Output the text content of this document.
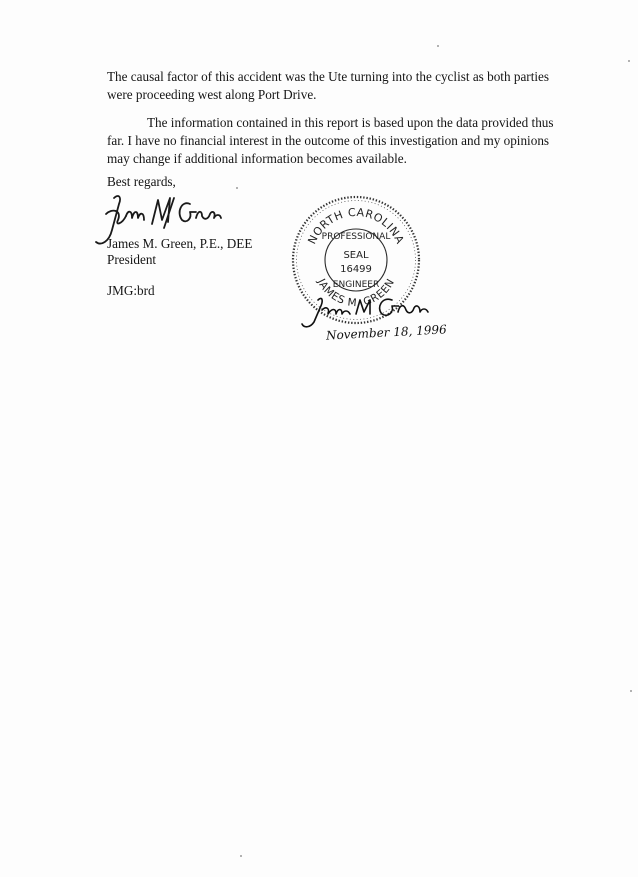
The causal factor of this accident was the Ute turning into the cyclist as both parties
were proceeding west along Port Drive.

The information contained in this report is based upon the data provided thus
far. I have no financial interest in the outcome of this investigation and my opinions
may change if additional information becomes available.

Best regards,

James M. Green, P.E., DEE

President

JMG:brd

NORTH CAROLINA
JAMES M. GREEN
PROFESSIONAL
SEAL
16499
ENGINEER
November 18, 1996
